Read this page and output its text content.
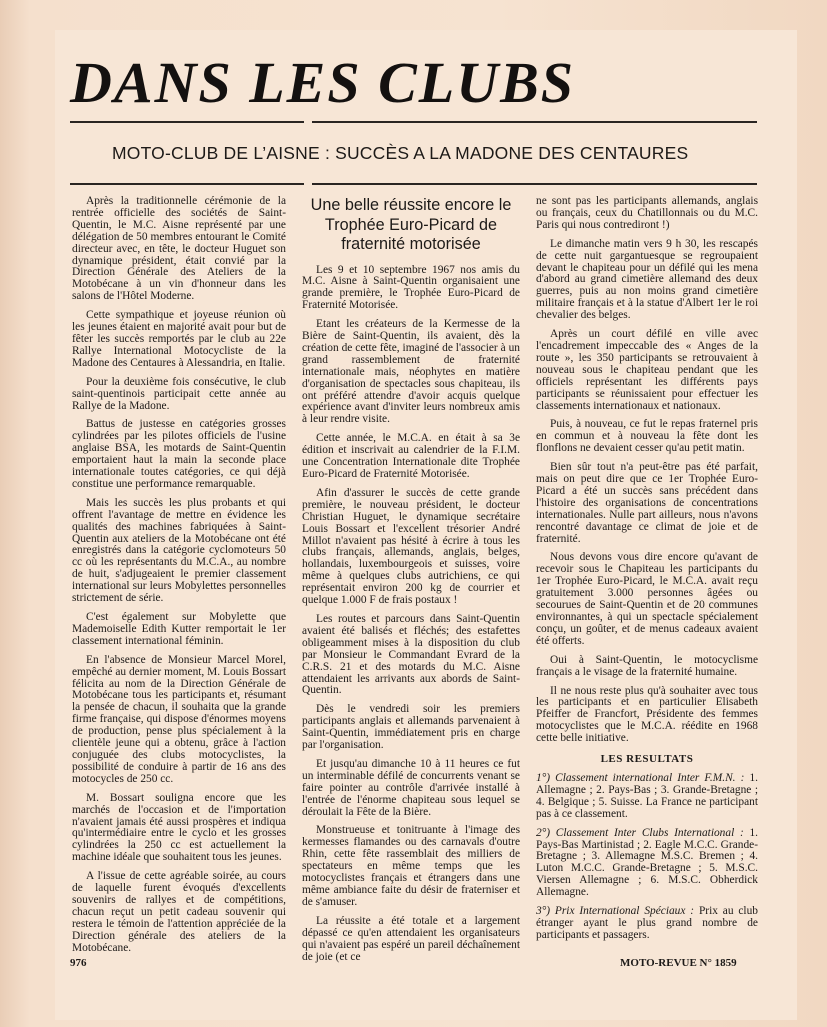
DANS LES CLUBS
MOTO-CLUB DE L’AISNE : SUCCÈS A LA MADONE DES CENTAURES

Après la traditionnelle cérémonie de la rentrée officielle des sociétés de Saint-Quentin, le M.C. Aisne représenté par une délégation de 50 membres entourant le Comité directeur avec, en tête, le docteur Huguet son dynamique président, était convié par la Direction Générale des Ateliers de la Motobécane à un vin d'honneur dans les salons de l'Hôtel Moderne.

Cette sympathique et joyeuse réunion où les jeunes étaient en majorité avait pour but de fêter les succès remportés par le club au 22e Rallye International Motocycliste de la Madone des Centaures à Alessandria, en Italie.

Pour la deuxième fois consécutive, le club saint-quentinois participait cette année au Rallye de la Madone.

Battus de justesse en catégories grosses cylindrées par les pilotes officiels de l'usine anglaise BSA, les motards de Saint-Quentin emportaient haut la main la seconde place internationale toutes catégories, ce qui déjà constitue une performance remarquable.

Mais les succès les plus probants et qui offrent l'avantage de mettre en évidence les qualités des machines fabriquées à Saint-Quentin aux ateliers de la Motobécane ont été enregistrés dans la catégorie cyclomoteurs 50 cc où les représentants du M.C.A., au nombre de huit, s'adjugeaient le premier classement international sur leurs Mobylettes personnelles strictement de série.

C'est également sur Mobylette que Mademoiselle Edith Kutter remportait le 1er classement international féminin.

En l'absence de Monsieur Marcel Morel, empêché au dernier moment, M. Louis Bossart félicita au nom de la Direction Générale de Motobécane tous les participants et, résumant la pensée de chacun, il souhaita que la grande firme française, qui dispose d'énormes moyens de production, pense plus spécialement à la clientèle jeune qui a obtenu, grâce à l'action conjuguée des clubs motocyclistes, la possibilité de conduire à partir de 16 ans des motocycles de 250 cc.

M. Bossart souligna encore que les marchés de l'occasion et de l'importation n'avaient jamais été aussi prospères et indiqua qu'intermédiaire entre le cyclo et les grosses cylindrées la 250 cc est actuellement la machine idéale que souhaitent tous les jeunes.

A l'issue de cette agréable soirée, au cours de laquelle furent évoqués d'excellents souvenirs de rallyes et de compétitions, chacun reçut un petit cadeau souvenir qui restera le témoin de l'attention appréciée de la Direction générale des ateliers de la Motobécane.

Une belle réussite encore le Trophée Euro-Picard de fraternité motorisée

Les 9 et 10 septembre 1967 nos amis du M.C. Aisne à Saint-Quentin organisaient une grande première, le Trophée Euro-Picard de Fraternité Motorisée.

Etant les créateurs de la Kermesse de la Bière de Saint-Quentin, ils avaient, dès la création de cette fête, imaginé de l'associer à un grand rassemblement de fraternité internationale mais, néophytes en matière d'organisation de spectacles sous chapiteau, ils ont préféré attendre d'avoir acquis quelque expérience avant d'inviter leurs nombreux amis à leur rendre visite.

Cette année, le M.C.A. en était à sa 3e édition et inscrivait au calendrier de la F.I.M. une Concentration Internationale dite Trophée Euro-Picard de Fraternité Motorisée.

Afin d'assurer le succès de cette grande première, le nouveau président, le docteur Christian Huguet, le dynamique secrétaire Louis Bossart et l'excellent trésorier André Millot n'avaient pas hésité à écrire à tous les clubs français, allemands, anglais, belges, hollandais, luxembourgeois et suisses, voire même à quelques clubs autrichiens, ce qui représentait environ 200 kg de courrier et quelque 1.000 F de frais postaux !

Les routes et parcours dans Saint-Quentin avaient été balisés et fléchés; des estafettes obligeamment mises à la disposition du club par Monsieur le Commandant Evrard de la C.R.S. 21 et des motards du M.C. Aisne attendaient les arrivants aux abords de Saint-Quentin.

Dès le vendredi soir les premiers participants anglais et allemands parvenaient à Saint-Quentin, immédiatement pris en charge par l'organisation.

Et jusqu'au dimanche 10 à 11 heures ce fut un interminable défilé de concurrents venant se faire pointer au contrôle d'arrivée installé à l'entrée de l'énorme chapiteau sous lequel se déroulait la Fête de la Bière.

Monstrueuse et tonitruante à l'image des kermesses flamandes ou des carnavals d'outre Rhin, cette fête rassemblait des milliers de spectateurs en même temps que les motocyclistes français et étrangers dans une même ambiance faite du désir de fraterniser et de s'amuser.

La réussite a été totale et a largement dépassé ce qu'en attendaient les organisateurs qui n'avaient pas espéré un pareil déchaînement de joie (et ce

ne sont pas les participants allemands, anglais ou français, ceux du Chatillonnais ou du M.C. Paris qui nous contrediront !)

Le dimanche matin vers 9 h 30, les rescapés de cette nuit gargantuesque se regroupaient devant le chapiteau pour un défilé qui les mena d'abord au grand cimetière allemand des deux guerres, puis au non moins grand cimetière militaire français et à la statue d'Albert 1er le roi chevalier des belges.

Après un court défilé en ville avec l'encadrement impeccable des « Anges de la route », les 350 participants se retrouvaient à nouveau sous le chapiteau pendant que les officiels représentant les différents pays participants se réunissaient pour effectuer les classements internationaux et nationaux.

Puis, à nouveau, ce fut le repas fraternel pris en commun et à nouveau la fête dont les flonflons ne devaient cesser qu'au petit matin.

Bien sûr tout n'a peut-être pas été parfait, mais on peut dire que ce 1er Trophée Euro-Picard a été un succès sans précédent dans l'histoire des organisations de concentrations internationales. Nulle part ailleurs, nous n'avons rencontré davantage ce climat de joie et de fraternité.

Nous devons vous dire encore qu'avant de recevoir sous le Chapiteau les participants du 1er Trophée Euro-Picard, le M.C.A. avait reçu gratuitement 3.000 personnes âgées ou secourues de Saint-Quentin et de 20 communes environnantes, à qui un spectacle spécialement conçu, un goûter, et de menus cadeaux avaient été offerts.

Oui à Saint-Quentin, le motocyclisme français a le visage de la fraternité humaine.

Il ne nous reste plus qu'à souhaiter avec tous les participants et en particulier Elisabeth Pfeiffer de Francfort, Présidente des femmes motocyclistes que le M.C.A. réédite en 1968 cette belle initiative.

LES RESULTATS

1°) Classement international Inter F.M.N. : 1. Allemagne ; 2. Pays-Bas ; 3. Grande-Bretagne ; 4. Belgique ; 5. Suisse. La France ne participant pas à ce classement.

2°) Classement Inter Clubs International : 1. Pays-Bas Martinistad ; 2. Eagle M.C.C. Grande-Bretagne ; 3. Allemagne M.S.C. Bremen ; 4. Luton M.C.C. Grande-Bretagne ; 5. M.S.C. Viersen Allemagne ; 6. M.S.C. Obherdick Allemagne.

3°) Prix International Spéciaux : Prix au club étranger ayant le plus grand nombre de participants et passagers.

976	MOTO-REVUE N° 1859
